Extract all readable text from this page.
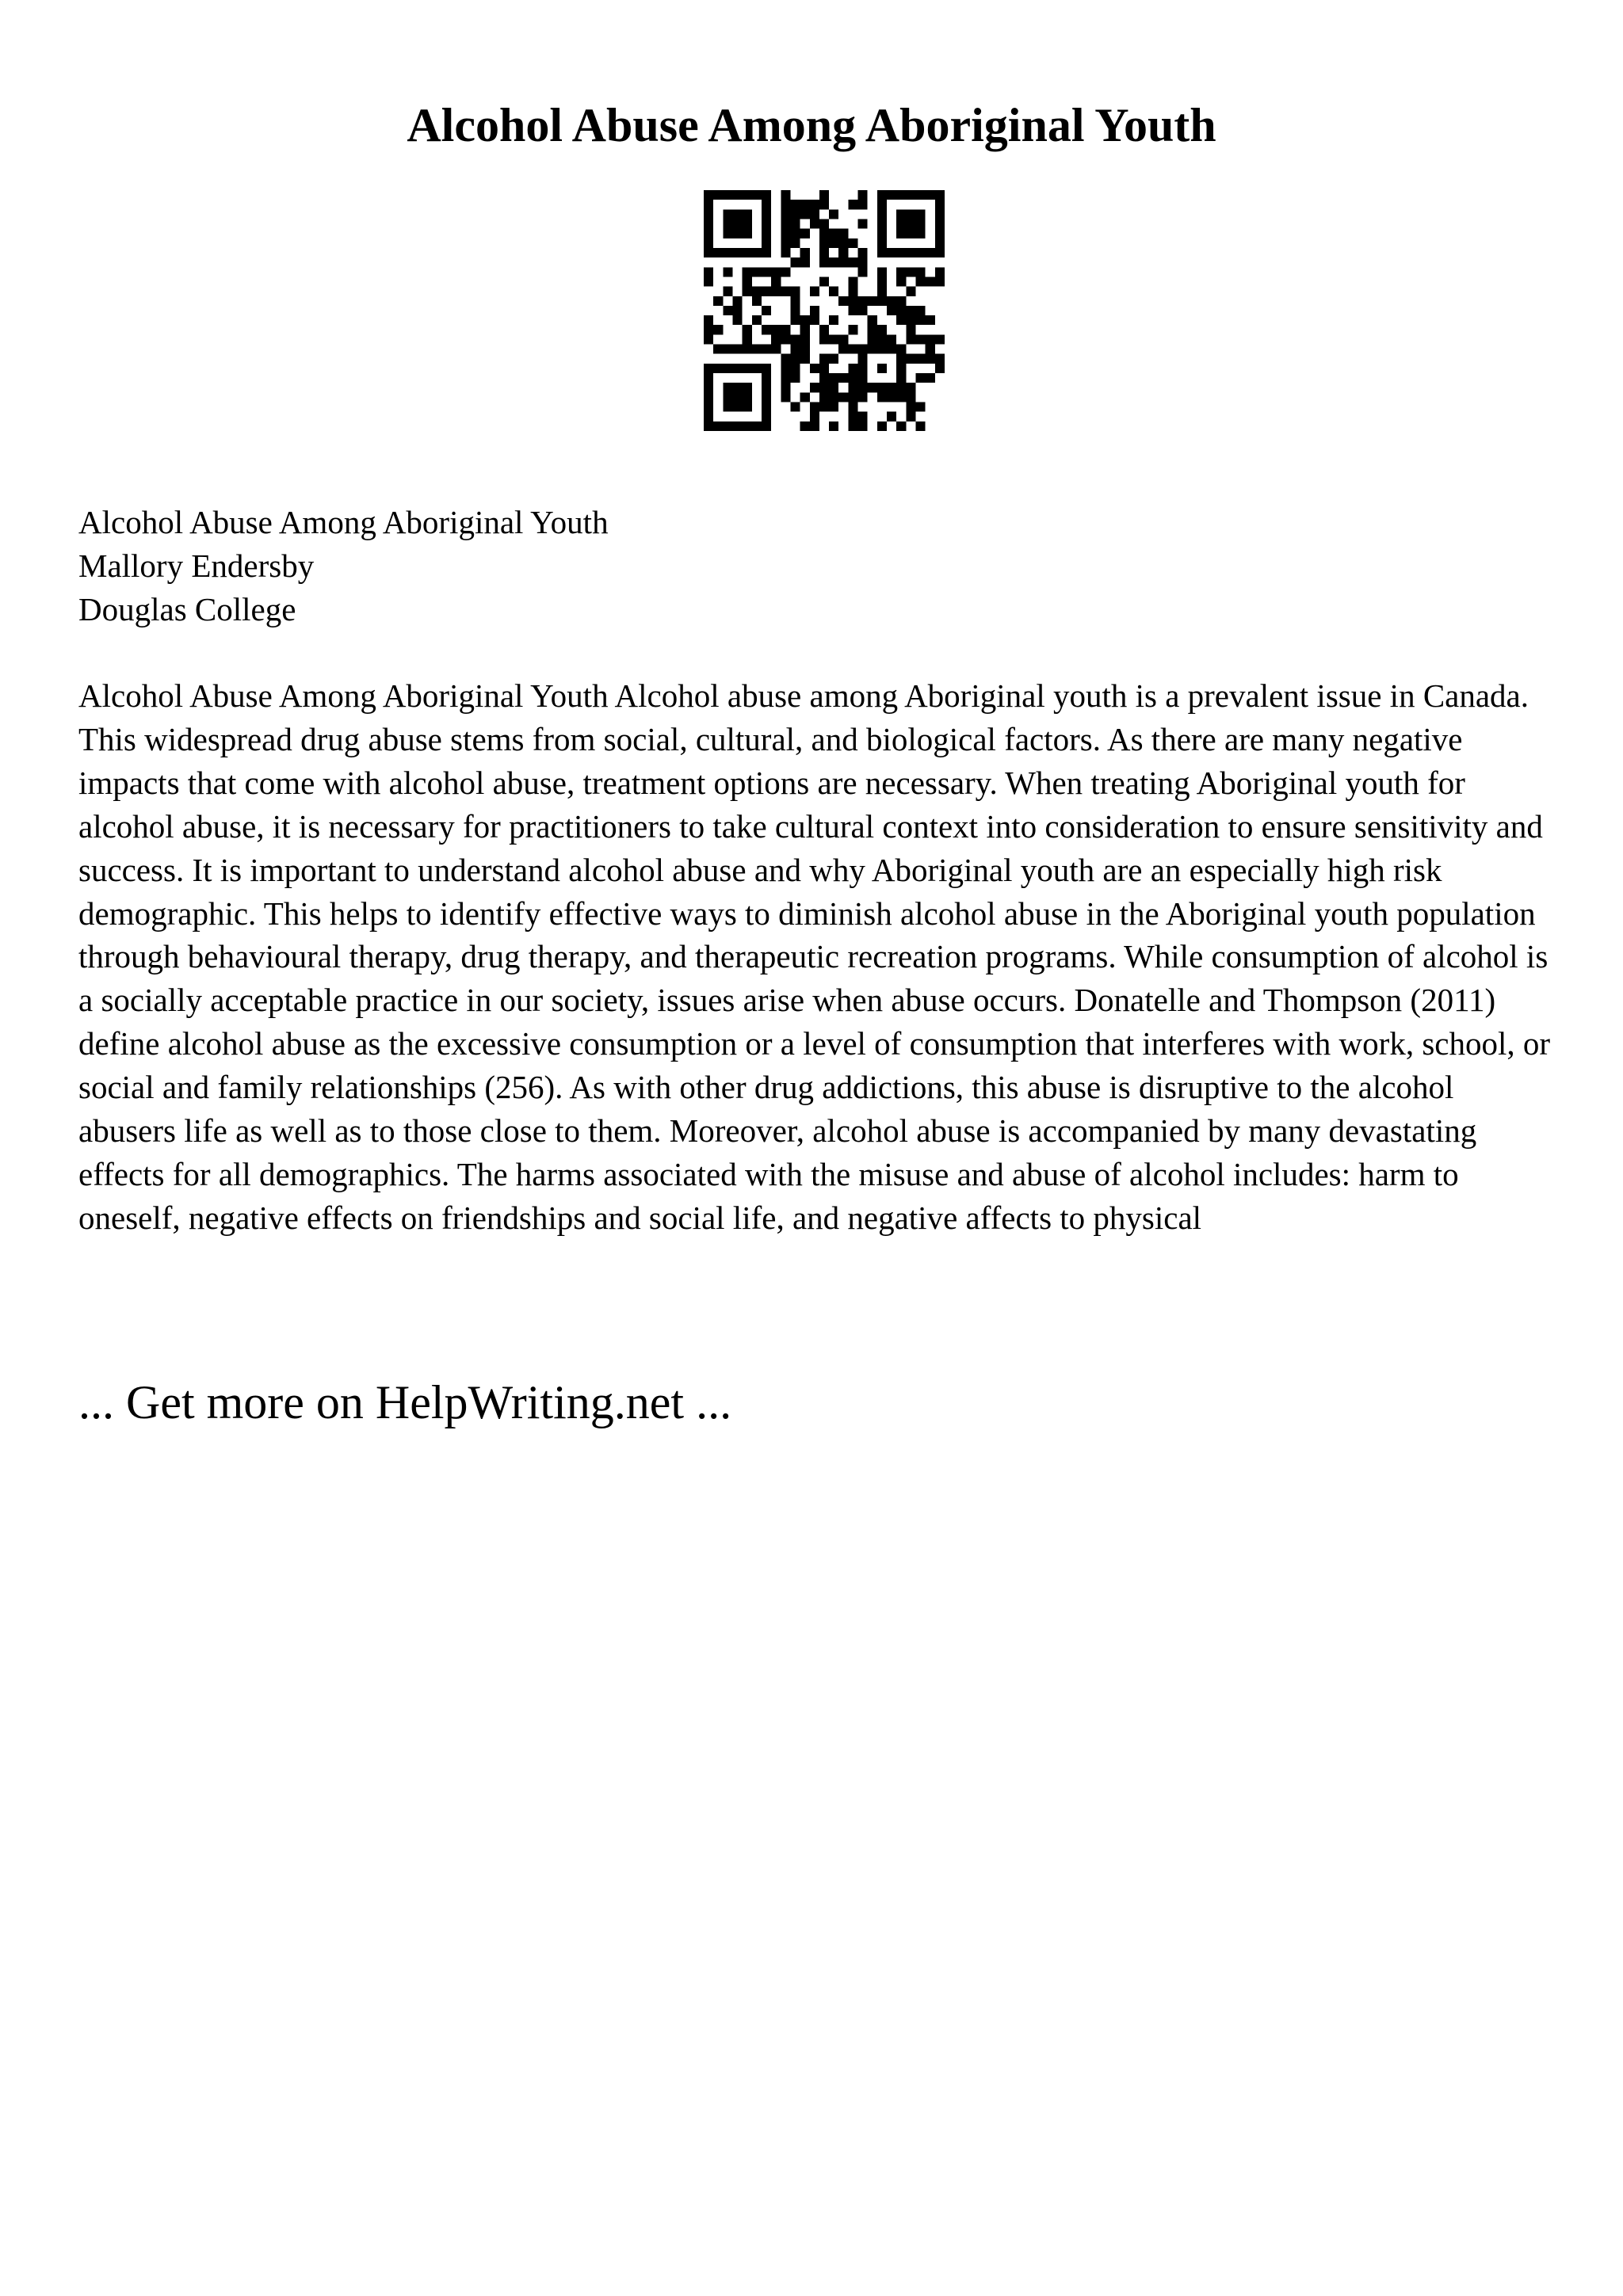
Alcohol Abuse Among Aboriginal Youth
Alcohol Abuse Among Aboriginal Youth
Mallory Endersby
Douglas College

Alcohol Abuse Among Aboriginal Youth Alcohol abuse among Aboriginal youth is a prevalent issue in Canada. This widespread drug abuse stems from social, cultural, and biological factors. As there are many negative impacts that come with alcohol abuse, treatment options are necessary. When treating Aboriginal youth for alcohol abuse, it is necessary for practitioners to take cultural context into consideration to ensure sensitivity and success. It is important to understand alcohol abuse and why Aboriginal youth are an especially high risk demographic. This helps to identify effective ways to diminish alcohol abuse in the Aboriginal youth population through behavioural therapy, drug therapy, and therapeutic recreation programs. While consumption of alcohol is a socially acceptable practice in our society, issues arise when abuse occurs. Donatelle and Thompson (2011) define alcohol abuse as the excessive consumption or a level of consumption that interferes with work, school, or social and family relationships (256). As with other drug addictions, this abuse is disruptive to the alcohol abusers life as well as to those close to them. Moreover, alcohol abuse is accompanied by many devastating effects for all demographics. The harms associated with the misuse and abuse of alcohol includes: harm to oneself, negative effects on friendships and social life, and negative affects to physical

... Get more on HelpWriting.net ...
